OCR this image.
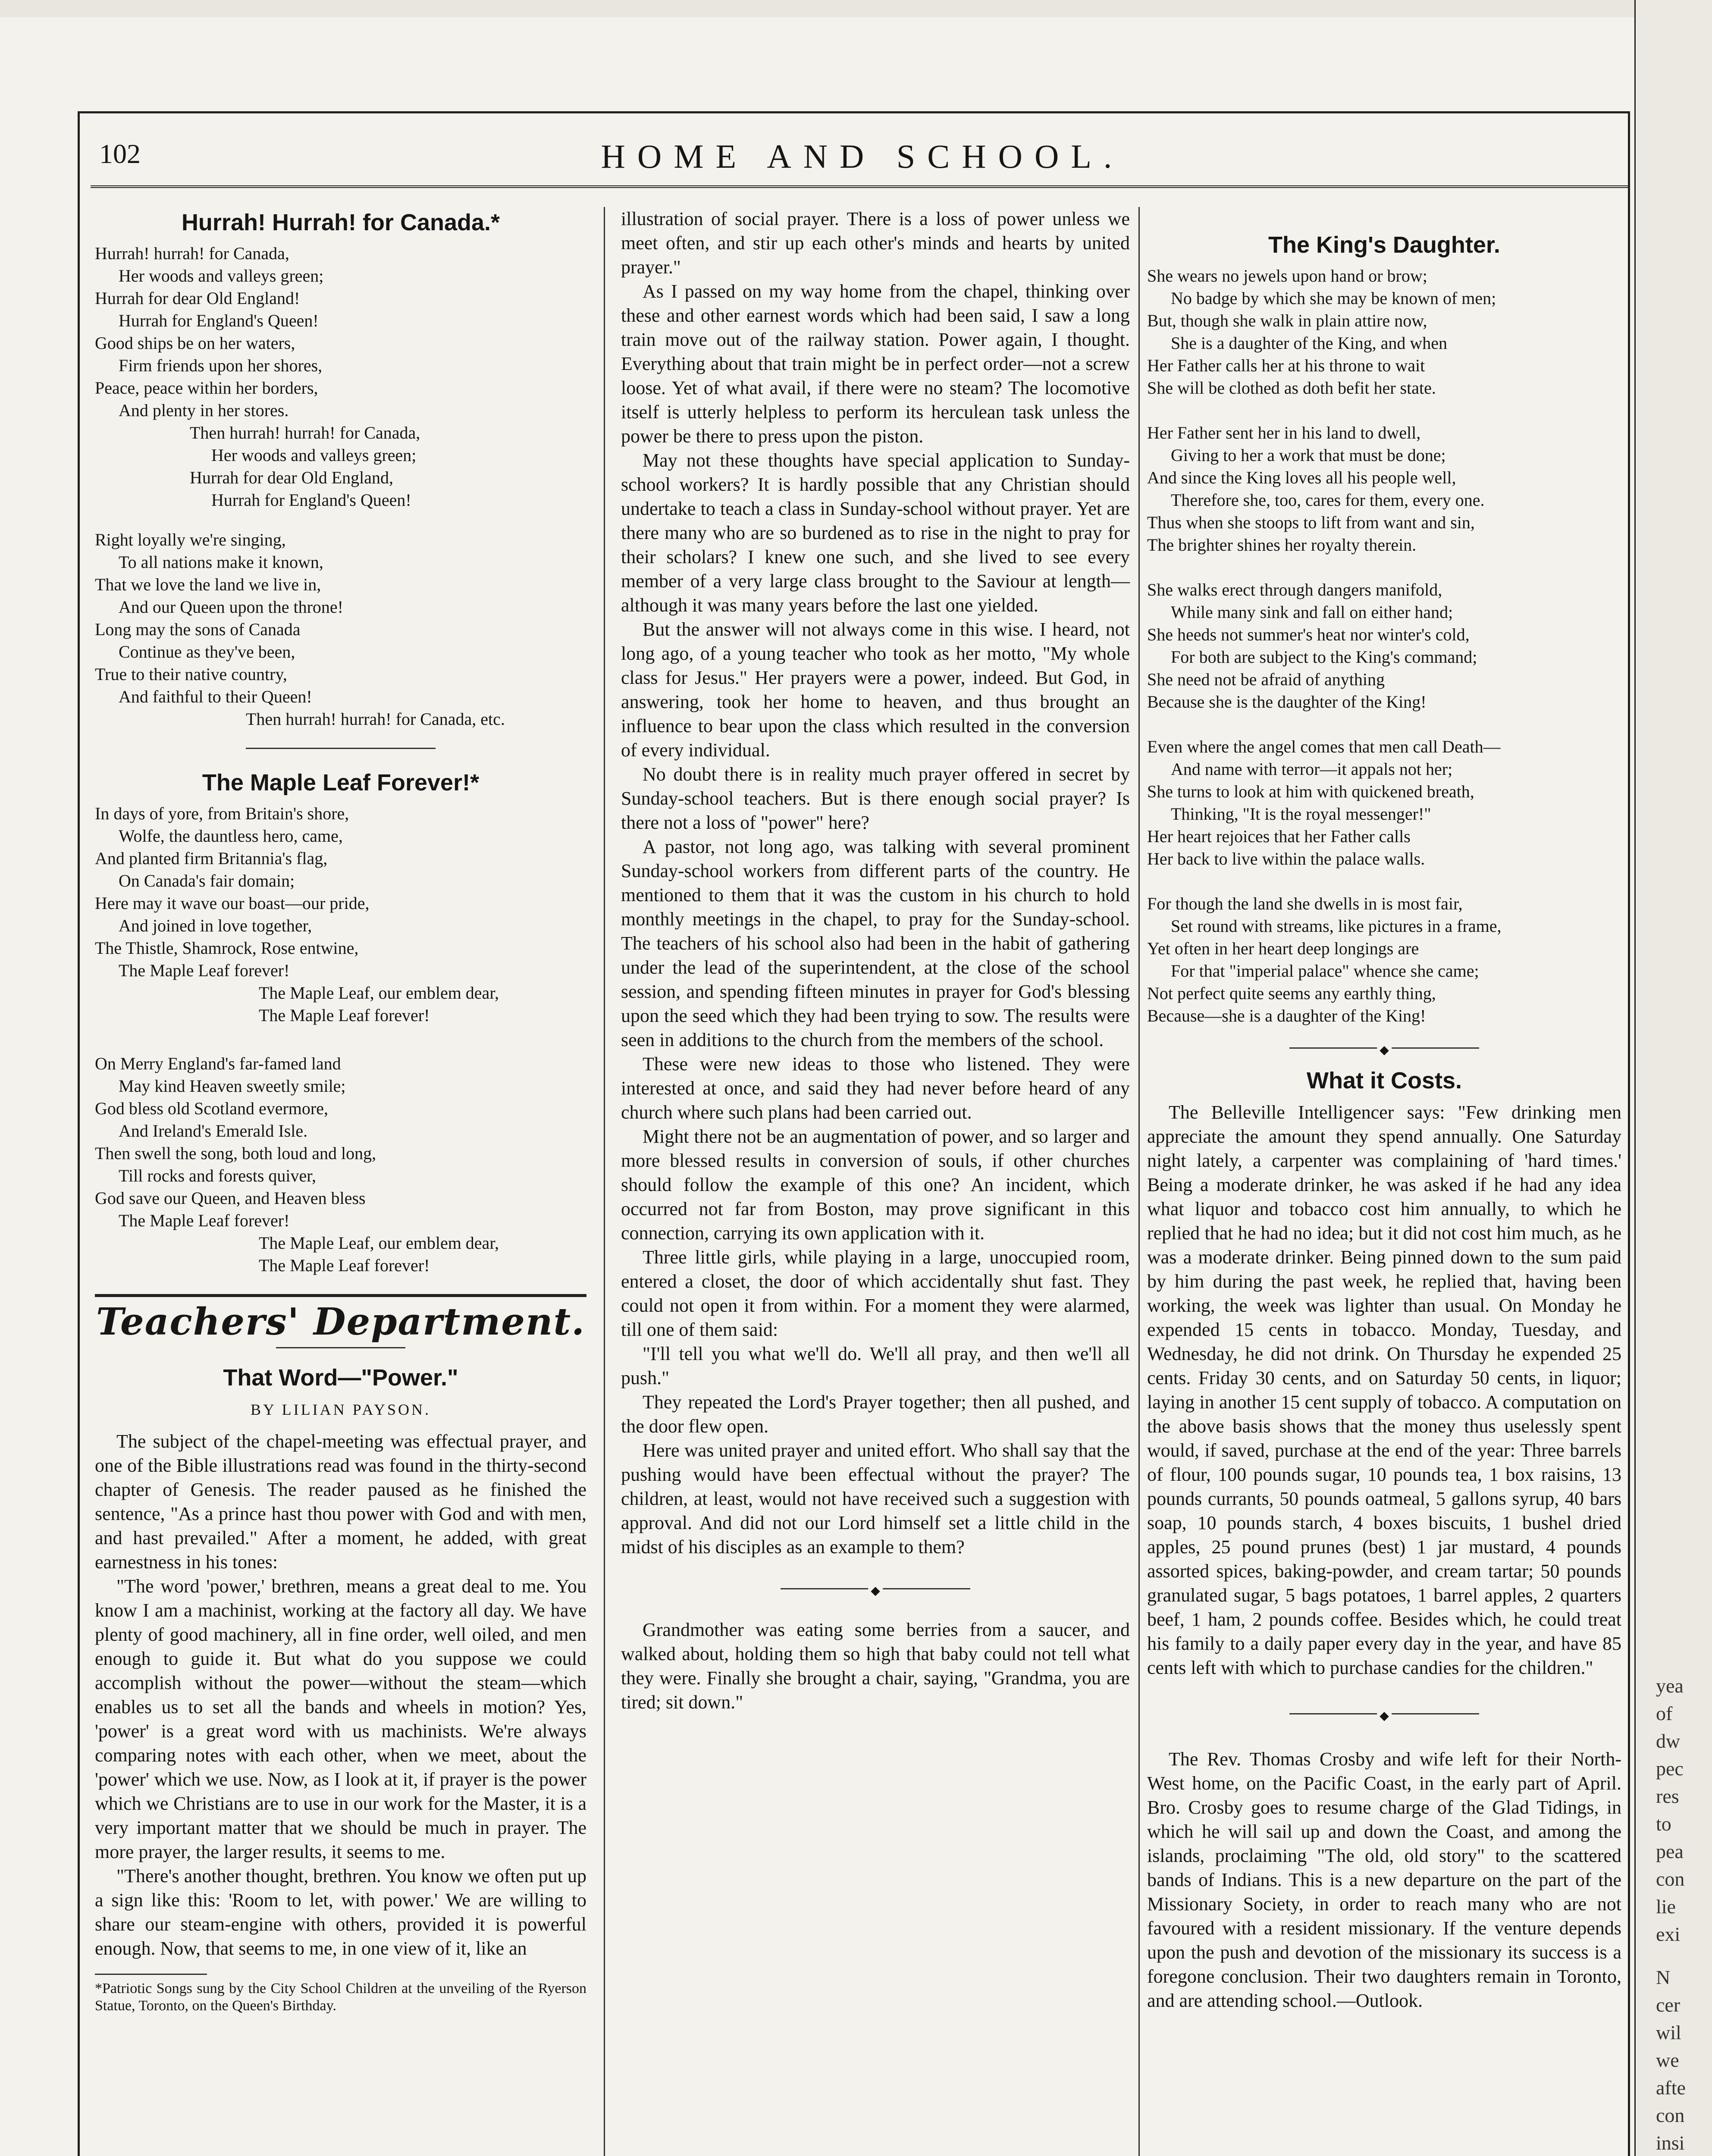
yea
of
dw
pec
res
to
pea
con
lie
exi
N
cer
wil
we
afte
con
insi
102	HOME AND SCHOOL.
Hurrah! Hurrah! for Canada.*
Hurrah! hurrah! for Canada,
Her woods and valleys green;
Hurrah for dear Old England!
Hurrah for England's Queen!
Good ships be on her waters,
Firm friends upon her shores,
Peace, peace within her borders,
And plenty in her stores.
Then hurrah! hurrah! for Canada,
Her woods and valleys green;
Hurrah for dear Old England,
Hurrah for England's Queen!
Right loyally we're singing,
To all nations make it known,
That we love the land we live in,
And our Queen upon the throne!
Long may the sons of Canada
Continue as they've been,
True to their native country,
And faithful to their Queen!
Then hurrah! hurrah! for Canada, etc.
The Maple Leaf Forever!*
In days of yore, from Britain's shore,
Wolfe, the dauntless hero, came,
And planted firm Britannia's flag,
On Canada's fair domain;
Here may it wave our boast—our pride,
And joined in love together,
The Thistle, Shamrock, Rose entwine,
The Maple Leaf forever!
The Maple Leaf, our emblem dear,
The Maple Leaf forever!
On Merry England's far-famed land
May kind Heaven sweetly smile;
God bless old Scotland evermore,
And Ireland's Emerald Isle.
Then swell the song, both loud and long,
Till rocks and forests quiver,
God save our Queen, and Heaven bless
The Maple Leaf forever!
The Maple Leaf, our emblem dear,
The Maple Leaf forever!
Teachers' Department.
That Word—"Power."
BY LILIAN PAYSON.

The subject of the chapel-meeting was effectual prayer, and one of the Bible illustrations read was found in the thirty-second chapter of Genesis. The reader paused as he finished the sentence, "As a prince hast thou power with God and with men, and hast prevailed." After a moment, he added, with great earnestness in his tones:

"The word 'power,' brethren, means a great deal to me. You know I am a machinist, working at the factory all day. We have plenty of good machinery, all in fine order, well oiled, and men enough to guide it. But what do you suppose we could accomplish without the power—without the steam—which enables us to set all the bands and wheels in motion? Yes, 'power' is a great word with us machinists. We're always comparing notes with each other, when we meet, about the 'power' which we use. Now, as I look at it, if prayer is the power which we Christians are to use in our work for the Master, it is a very important matter that we should be much in prayer. The more prayer, the larger results, it seems to me.

"There's another thought, brethren. You know we often put up a sign like this: 'Room to let, with power.' We are willing to share our steam-engine with others, provided it is powerful enough. Now, that seems to me, in one view of it, like an

*Patriotic Songs sung by the City School Children at the unveiling of the Ryerson Statue, Toronto, on the Queen's Birthday.

illustration of social prayer. There is a loss of power unless we meet often, and stir up each other's minds and hearts by united prayer."

As I passed on my way home from the chapel, thinking over these and other earnest words which had been said, I saw a long train move out of the railway station. Power again, I thought. Everything about that train might be in perfect order—not a screw loose. Yet of what avail, if there were no steam? The locomotive itself is utterly helpless to perform its herculean task unless the power be there to press upon the piston.

May not these thoughts have special application to Sunday-school workers? It is hardly possible that any Christian should undertake to teach a class in Sunday-school without prayer. Yet are there many who are so burdened as to rise in the night to pray for their scholars? I knew one such, and she lived to see every member of a very large class brought to the Saviour at length—although it was many years before the last one yielded.

But the answer will not always come in this wise. I heard, not long ago, of a young teacher who took as her motto, "My whole class for Jesus." Her prayers were a power, indeed. But God, in answering, took her home to heaven, and thus brought an influence to bear upon the class which resulted in the conversion of every individual.

No doubt there is in reality much prayer offered in secret by Sunday-school teachers. But is there enough social prayer? Is there not a loss of "power" here?

A pastor, not long ago, was talking with several prominent Sunday-school workers from different parts of the country. He mentioned to them that it was the custom in his church to hold monthly meetings in the chapel, to pray for the Sunday-school. The teachers of his school also had been in the habit of gathering under the lead of the superintendent, at the close of the school session, and spending fifteen minutes in prayer for God's blessing upon the seed which they had been trying to sow. The results were seen in additions to the church from the members of the school.

These were new ideas to those who listened. They were interested at once, and said they had never before heard of any church where such plans had been carried out.

Might there not be an augmentation of power, and so larger and more blessed results in conversion of souls, if other churches should follow the example of this one? An incident, which occurred not far from Boston, may prove significant in this connection, carrying its own application with it.

Three little girls, while playing in a large, unoccupied room, entered a closet, the door of which accidentally shut fast. They could not open it from within. For a moment they were alarmed, till one of them said:

"I'll tell you what we'll do. We'll all pray, and then we'll all push."

They repeated the Lord's Prayer together; then all pushed, and the door flew open.

Here was united prayer and united effort. Who shall say that the pushing would have been effectual without the prayer? The children, at least, would not have received such a suggestion with approval. And did not our Lord himself set a little child in the midst of his disciples as an example to them?

◆

Grandmother was eating some berries from a saucer, and walked about, holding them so high that baby could not tell what they were. Finally she brought a chair, saying, "Grandma, you are tired; sit down."

The King's Daughter.
She wears no jewels upon hand or brow;
No badge by which she may be known of men;
But, though she walk in plain attire now,
She is a daughter of the King, and when
Her Father calls her at his throne to wait
She will be clothed as doth befit her state.
Her Father sent her in his land to dwell,
Giving to her a work that must be done;
And since the King loves all his people well,
Therefore she, too, cares for them, every one.
Thus when she stoops to lift from want and sin,
The brighter shines her royalty therein.
She walks erect through dangers manifold,
While many sink and fall on either hand;
She heeds not summer's heat nor winter's cold,
For both are subject to the King's command;
She need not be afraid of anything
Because she is the daughter of the King!
Even where the angel comes that men call Death—
And name with terror—it appals not her;
She turns to look at him with quickened breath,
Thinking, "It is the royal messenger!"
Her heart rejoices that her Father calls
Her back to live within the palace walls.
For though the land she dwells in is most fair,
Set round with streams, like pictures in a frame,
Yet often in her heart deep longings are
For that "imperial palace" whence she came;
Not perfect quite seems any earthly thing,
Because—she is a daughter of the King!
◆
What it Costs.

The Belleville Intelligencer says: "Few drinking men appreciate the amount they spend annually. One Saturday night lately, a carpenter was complaining of 'hard times.' Being a moderate drinker, he was asked if he had any idea what liquor and tobacco cost him annually, to which he replied that he had no idea; but it did not cost him much, as he was a moderate drinker. Being pinned down to the sum paid by him during the past week, he replied that, having been working, the week was lighter than usual. On Monday he expended 15 cents in tobacco. Monday, Tuesday, and Wednesday, he did not drink. On Thursday he expended 25 cents. Friday 30 cents, and on Saturday 50 cents, in liquor; laying in another 15 cent supply of tobacco. A computation on the above basis shows that the money thus uselessly spent would, if saved, purchase at the end of the year: Three barrels of flour, 100 pounds sugar, 10 pounds tea, 1 box raisins, 13 pounds currants, 50 pounds oatmeal, 5 gallons syrup, 40 bars soap, 10 pounds starch, 4 boxes biscuits, 1 bushel dried apples, 25 pound prunes (best) 1 jar mustard, 4 pounds assorted spices, baking-powder, and cream tartar; 50 pounds granulated sugar, 5 bags potatoes, 1 barrel apples, 2 quarters beef, 1 ham, 2 pounds coffee. Besides which, he could treat his family to a daily paper every day in the year, and have 85 cents left with which to purchase candies for the children."

◆

The Rev. Thomas Crosby and wife left for their North-West home, on the Pacific Coast, in the early part of April. Bro. Crosby goes to resume charge of the Glad Tidings, in which he will sail up and down the Coast, and among the islands, proclaiming "The old, old story" to the scattered bands of Indians. This is a new departure on the part of the Missionary Society, in order to reach many who are not favoured with a resident missionary. If the venture depends upon the push and devotion of the missionary its success is a foregone conclusion. Their two daughters remain in Toronto, and are attending school.—Outlook.
